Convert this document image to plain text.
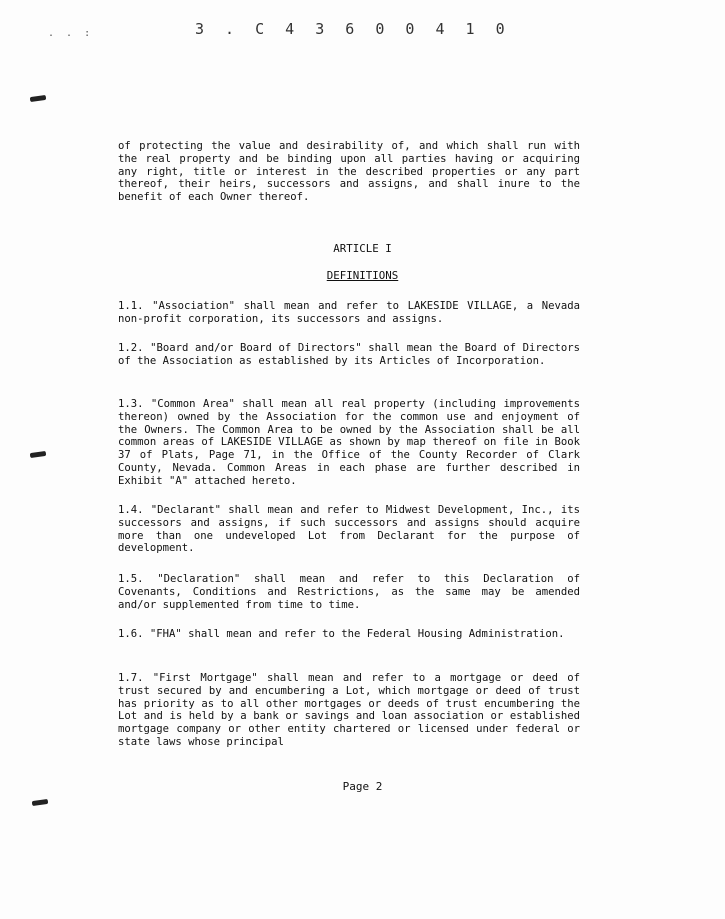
. . :	3 . C 4 3 6 0 0 4 1 0

of protecting the value and desirability of, and which shall run with the real property and be binding upon all parties having or acquiring any right, title or interest in the described properties or any part thereof, their heirs, successors and assigns, and shall inure to the benefit of each Owner thereof.

ARTICLE I
DEFINITIONS

1.1. "Association" shall mean and refer to LAKESIDE VILLAGE, a Nevada non-profit corporation, its successors and assigns.

1.2. "Board and/or Board of Directors" shall mean the Board of Directors of the Association as established by its Articles of Incorporation.

1.3. "Common Area" shall mean all real property (including improvements thereon) owned by the Association for the common use and enjoyment of the Owners. The Common Area to be owned by the Association shall be all common areas of LAKESIDE VILLAGE as shown by map thereof on file in Book 37 of Plats, Page 71, in the Office of the County Recorder of Clark County, Nevada. Common Areas in each phase are further described in Exhibit "A" attached hereto.

1.4. "Declarant" shall mean and refer to Midwest Development, Inc., its successors and assigns, if such successors and assigns should acquire more than one undeveloped Lot from Declarant for the purpose of development.

1.5. "Declaration" shall mean and refer to this Declaration of Covenants, Conditions and Restrictions, as the same may be amended and/or supplemented from time to time.

1.6. "FHA" shall mean and refer to the Federal Housing Administration.

1.7. "First Mortgage" shall mean and refer to a mortgage or deed of trust secured by and encumbering a Lot, which mortgage or deed of trust has priority as to all other mortgages or deeds of trust encumbering the Lot and is held by a bank or savings and loan association or established mortgage company or other entity chartered or licensed under federal or state laws whose principal

Page 2
